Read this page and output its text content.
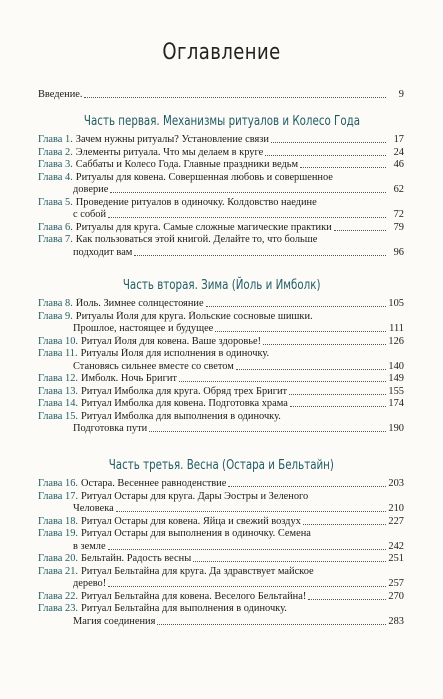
Оглавление
Введение.	9
Часть первая. Механизмы ритуалов и Колесо Года
Глава 1. Зачем нужны ритуалы? Установление связи	17
Глава 2. Элементы ритуала. Что мы делаем в круге	24
Глава 3. Саббаты и Колесо Года. Главные праздники ведьм	46
Глава 4. Ритуалы для ковена. Совершенная любовь и совершенное
доверие	62
Глава 5. Проведение ритуалов в одиночку. Колдовство наедине
с собой	72
Глава 6. Ритуалы для круга. Самые сложные магические практики	79
Глава 7. Как пользоваться этой книгой. Делайте то, что больше
подходит вам	96
Часть вторая. Зима (Йоль и Имболк)
Глава 8. Йоль. Зимнее солнцестояние	105
Глава 9. Ритуалы Йоля для круга. Йольские сосновые шишки.
Прошлое, настоящее и будущее	111
Глава 10. Ритуал Йоля для ковена. Ваше здоровье!	126
Глава 11. Ритуалы Йоля для исполнения в одиночку.
Становясь сильнее вместе со светом	140
Глава 12. Имболк. Ночь Бригит	149
Глава 13. Ритуал Имболка для круга. Обряд трех Бригит	155
Глава 14. Ритуал Имболка для ковена. Подготовка храма	174
Глава 15. Ритуал Имболка для выполнения в одиночку.
Подготовка пути	190
Часть третья. Весна (Остара и Бельтайн)
Глава 16. Остара. Весеннее равноденствие	203
Глава 17. Ритуал Остары для круга. Дары Эостры и Зеленого
Человека	210
Глава 18. Ритуал Остары для ковена. Яйца и свежий воздух	227
Глава 19. Ритуал Остары для выполнения в одиночку. Семена
в земле	242
Глава 20. Бельтайн. Радость весны	251
Глава 21. Ритуал Бельтайна для круга. Да здравствует майское
дерево!	257
Глава 22. Ритуал Бельтайна для ковена. Веселого Бельтайна!	270
Глава 23. Ритуал Бельтайна для выполнения в одиночку.
Магия соединения	283
